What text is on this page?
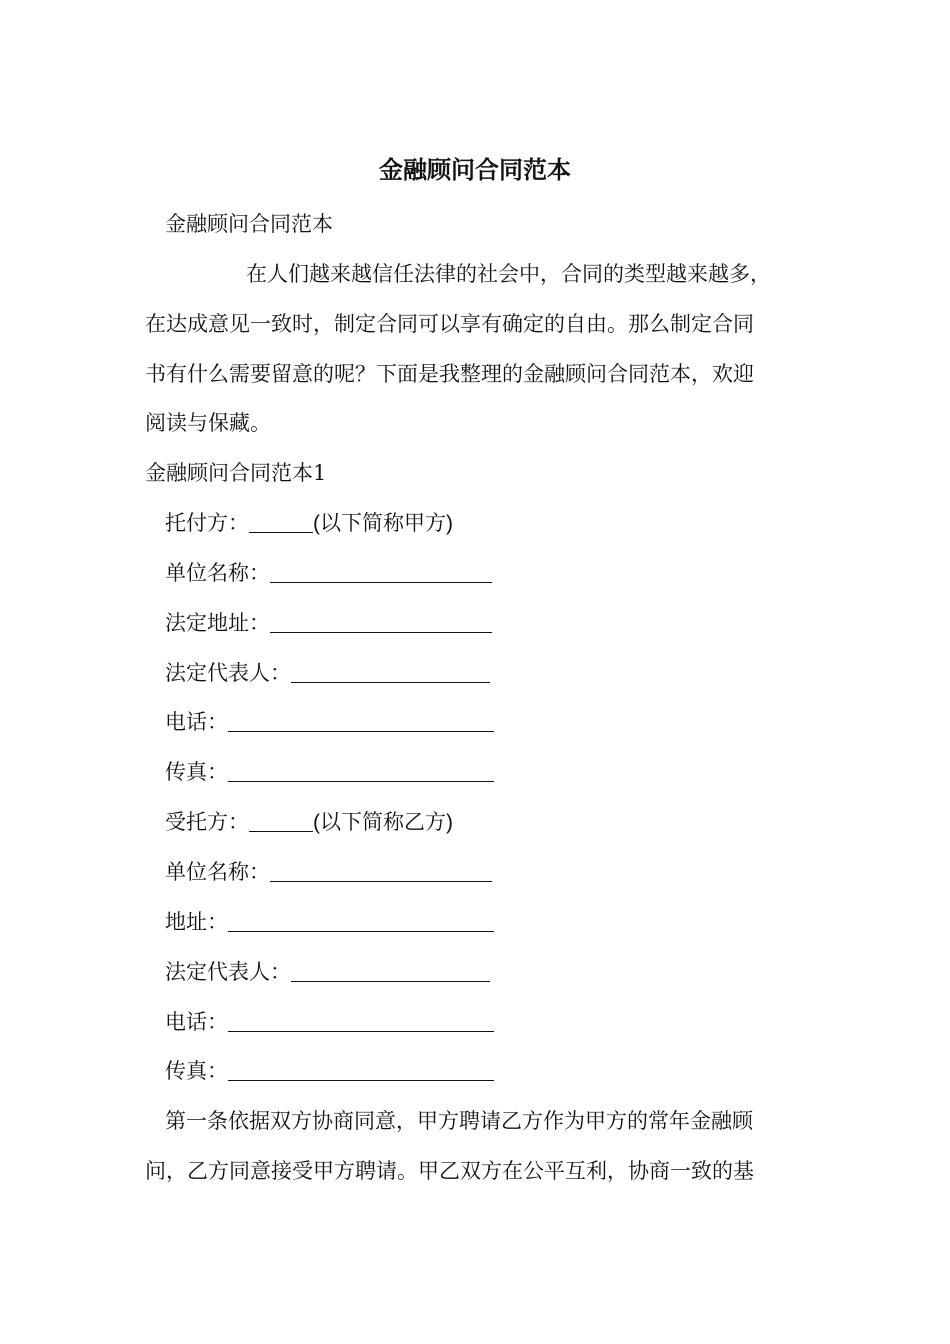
金融顾问合同范本
金融顾问合同范本
在人们越来越信任法律的社会中，合同的类型越来越多，
在达成意见一致时，制定合同可以享有确定的自由。那么制定合同
书有什么需要留意的呢？下面是我整理的金融顾问合同范本，欢迎
阅读与保藏。
金融顾问合同范本1
托付方：	(以下简称甲方)
单位名称：
法定地址：
法定代表人：
电话：
传真：
受托方：	(以下简称乙方)
单位名称：
地址：
法定代表人：
电话：
传真：
第一条依据双方协商同意，甲方聘请乙方作为甲方的常年金融顾
问，乙方同意接受甲方聘请。甲乙双方在公平互利，协商一致的基
